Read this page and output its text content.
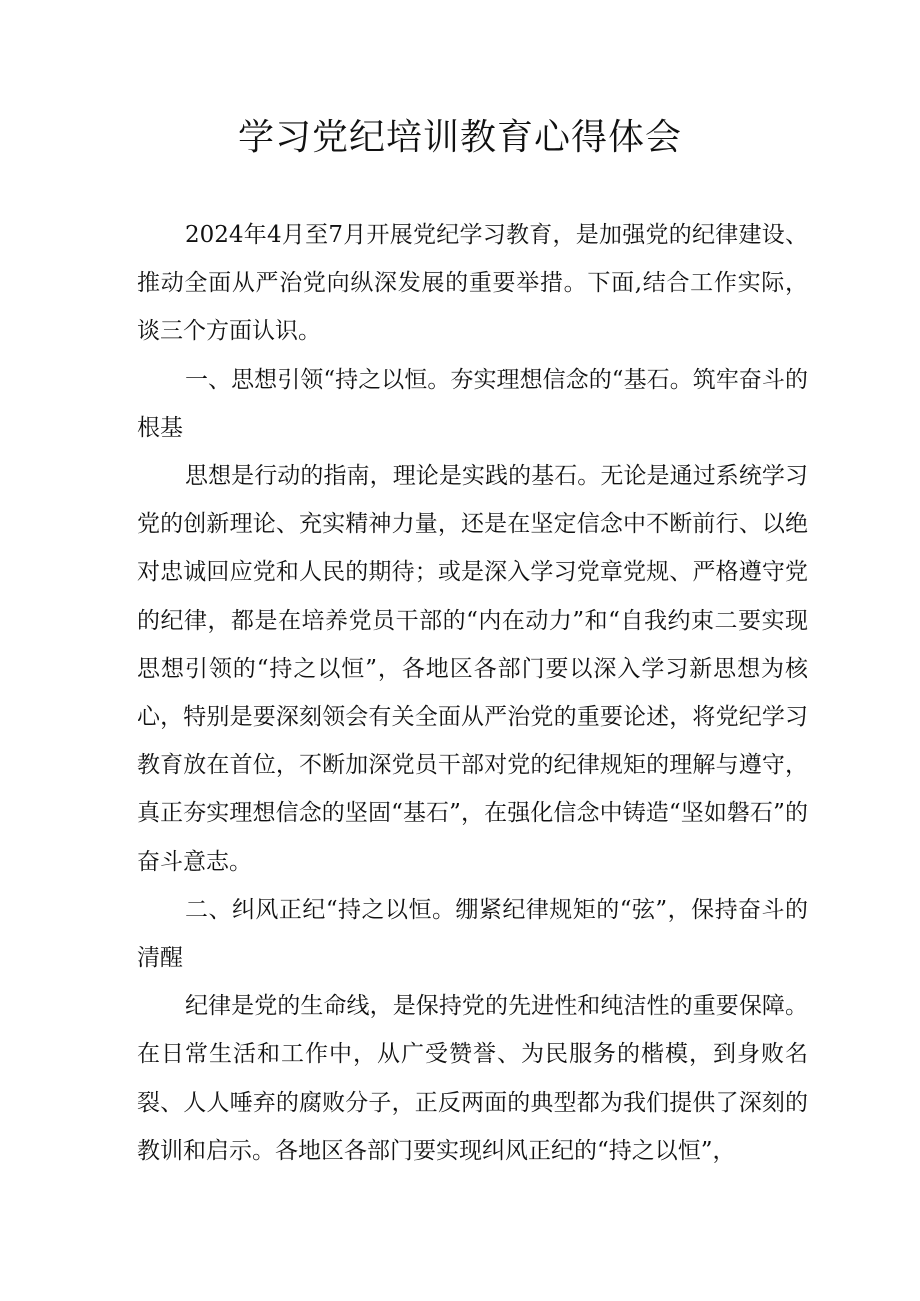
学习党纪培训教育心得体会

2024年4月至7月开展党纪学习教育，是加强党的纪律建设、推动全面从严治党向纵深发展的重要举措。下面,结合工作实际，谈三个方面认识。

一、思想引领“持之以恒。夯实理想信念的“基石。筑牢奋斗的根基

思想是行动的指南，理论是实践的基石。无论是通过系统学习党的创新理论、充实精神力量，还是在坚定信念中不断前行、以绝对忠诚回应党和人民的期待；或是深入学习党章党规、严格遵守党的纪律，都是在培养党员干部的“内在动力”和“自我约束二要实现思想引领的“持之以恒”，各地区各部门要以深入学习新思想为核心，特别是要深刻领会有关全面从严治党的重要论述，将党纪学习教育放在首位，不断加深党员干部对党的纪律规矩的理解与遵守，真正夯实理想信念的坚固“基石”，在强化信念中铸造“坚如磐石”的奋斗意志。

二、纠风正纪“持之以恒。绷紧纪律规矩的“弦”，保持奋斗的清醒

纪律是党的生命线，是保持党的先进性和纯洁性的重要保障。在日常生活和工作中，从广受赞誉、为民服务的楷模，到身败名裂、人人唾弃的腐败分子，正反两面的典型都为我们提供了深刻的教训和启示。各地区各部门要实现纠风正纪的“持之以恒”，
